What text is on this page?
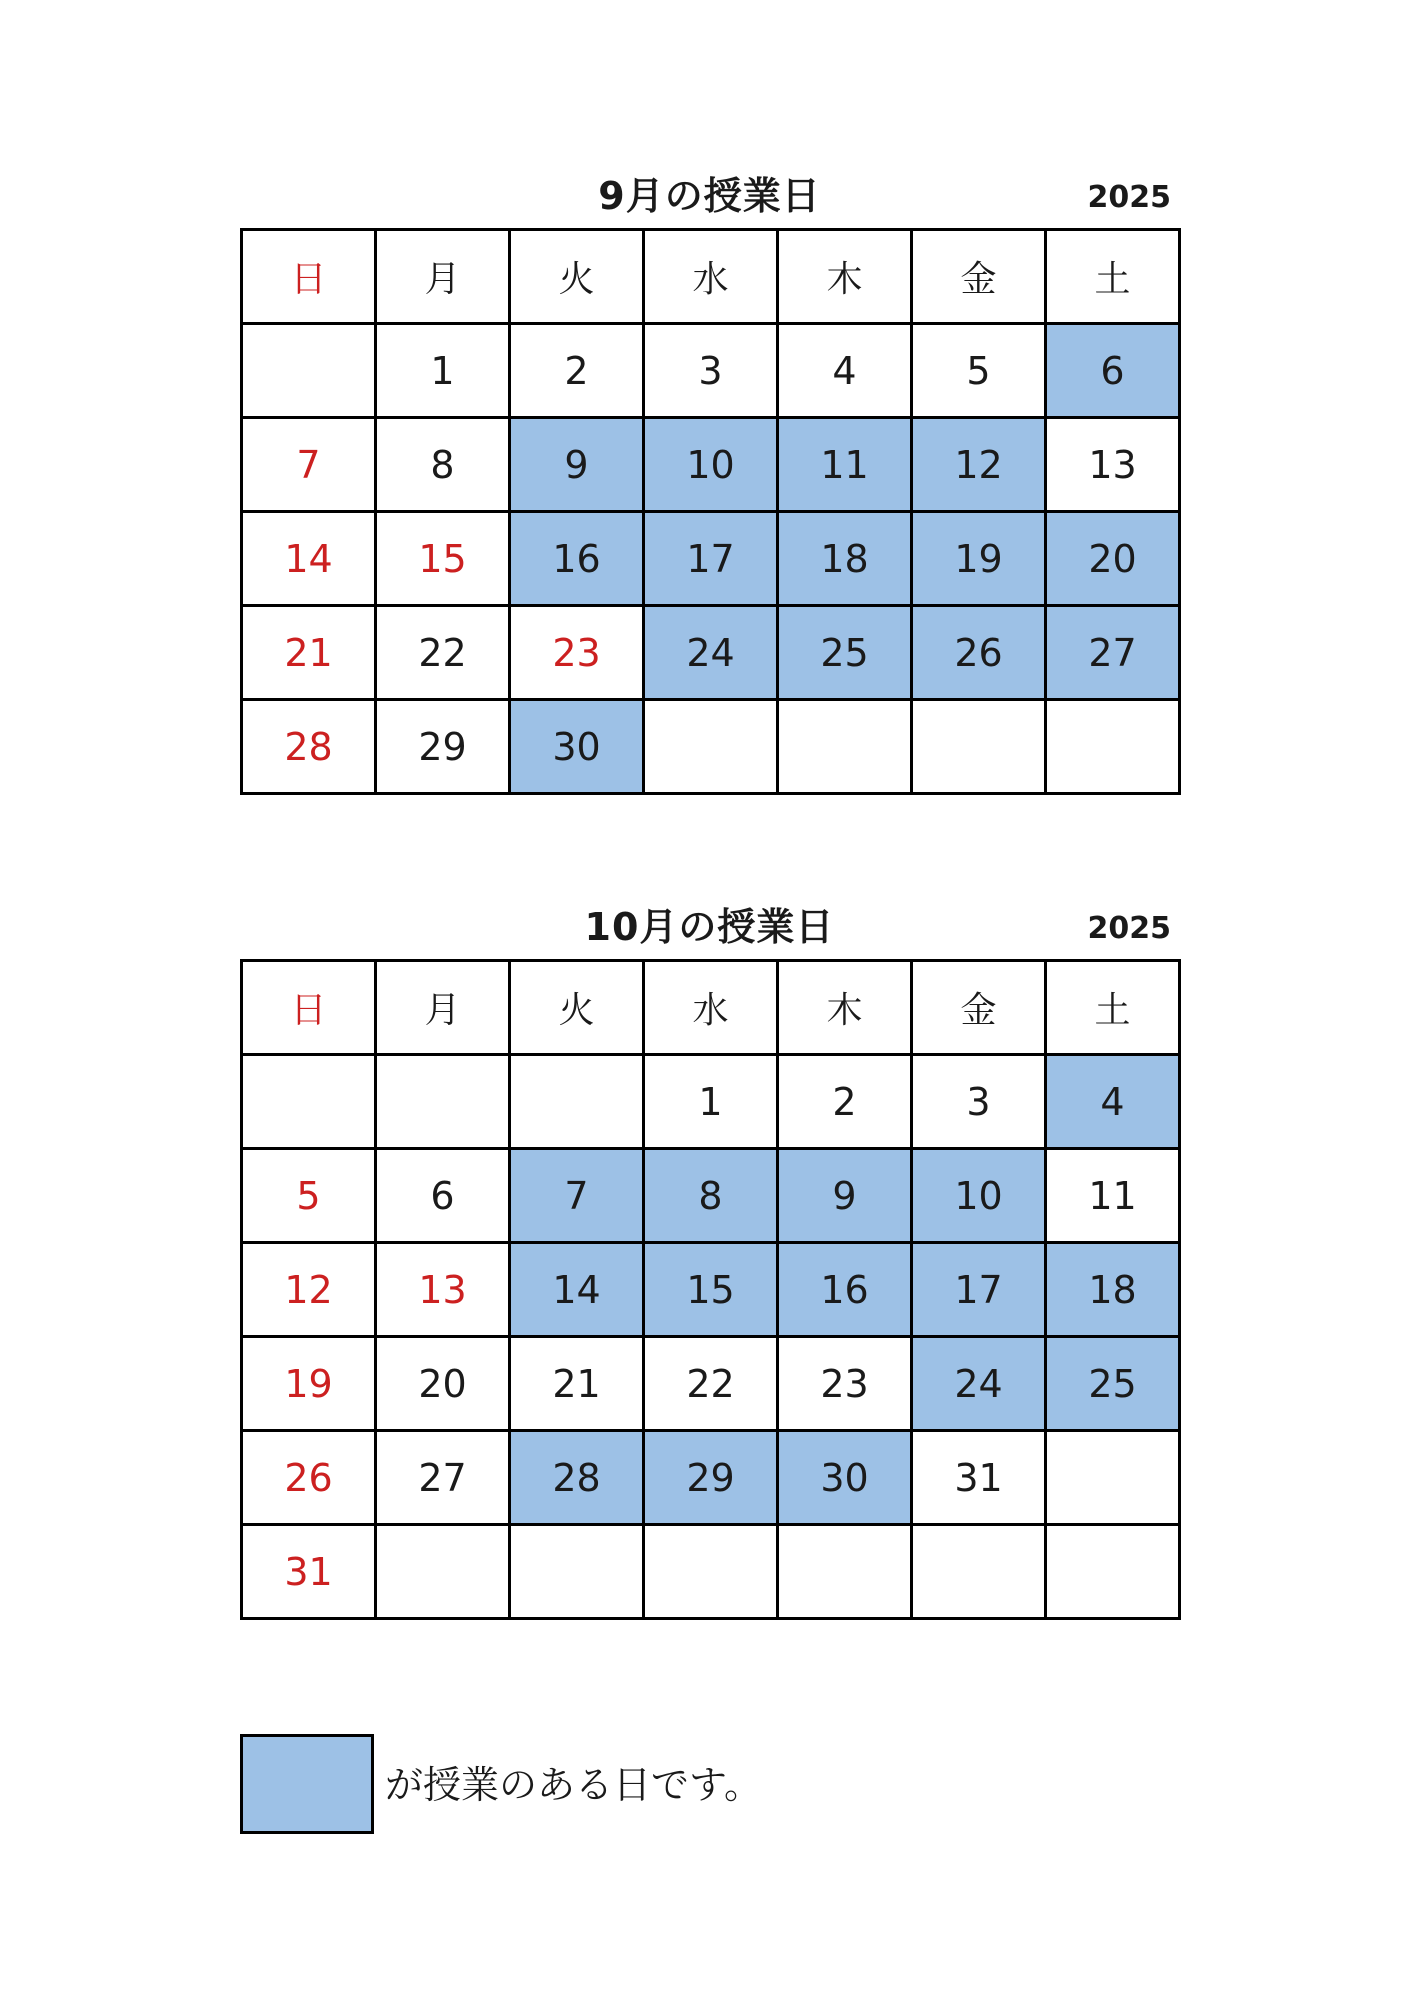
9月の授業日	2025
日	月	火	水	木	金	土
	1	2	3	4	5	6
7	8	9	10	11	12	13
14	15	16	17	18	19	20
21	22	23	24	25	26	27
28	29	30				
10月の授業日	2025
日	月	火	水	木	金	土
			1	2	3	4
5	6	7	8	9	10	11
12	13	14	15	16	17	18
19	20	21	22	23	24	25
26	27	28	29	30	31	
31						
が授業のある日です。
